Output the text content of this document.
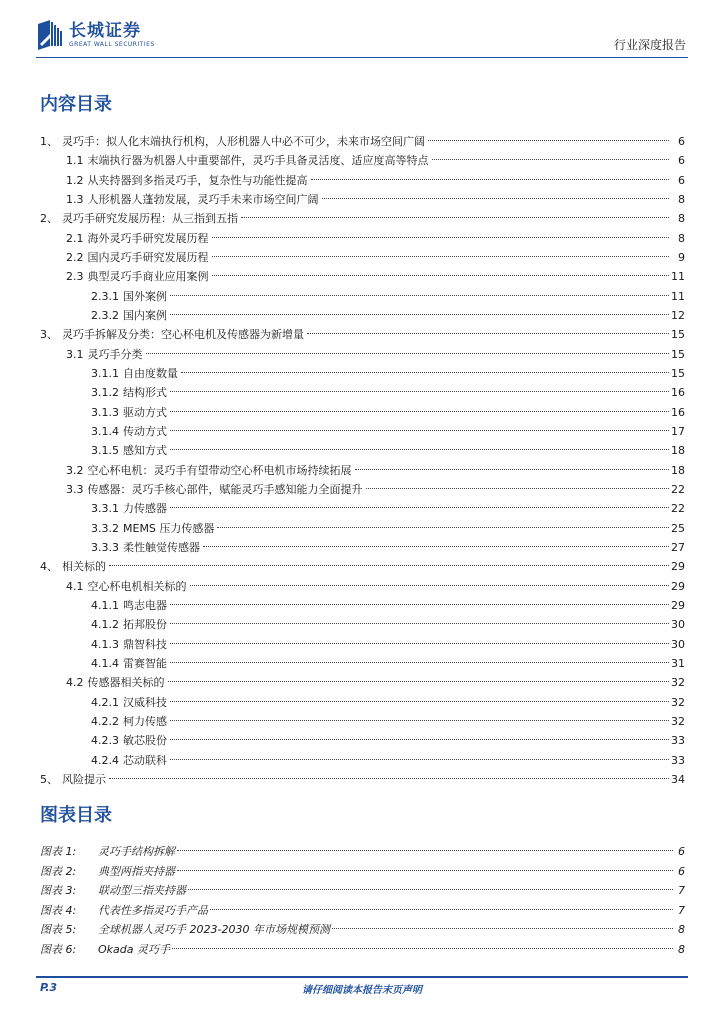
长城证券
GREAT WALL SECURITIES	行业深度报告
内容目录
1、 灵巧手：拟人化末端执行机构，人形机器人中必不可少，未来市场空间广阔	6
1.1 末端执行器为机器人中重要部件，灵巧手具备灵活度、适应度高等特点	6
1.2 从夹持器到多指灵巧手，复杂性与功能性提高	6
1.3 人形机器人蓬勃发展，灵巧手未来市场空间广阔	8
2、 灵巧手研究发展历程：从三指到五指	8
2.1 海外灵巧手研究发展历程	8
2.2 国内灵巧手研究发展历程	9
2.3 典型灵巧手商业应用案例	11
2.3.1 国外案例	11
2.3.2 国内案例	12
3、 灵巧手拆解及分类：空心杯电机及传感器为新增量	15
3.1 灵巧手分类	15
3.1.1 自由度数量	15
3.1.2 结构形式	16
3.1.3 驱动方式	16
3.1.4 传动方式	17
3.1.5 感知方式	18
3.2 空心杯电机：灵巧手有望带动空心杯电机市场持续拓展	18
3.3 传感器：灵巧手核心部件，赋能灵巧手感知能力全面提升	22
3.3.1 力传感器	22
3.3.2 MEMS 压力传感器	25
3.3.3 柔性触觉传感器	27
4、 相关标的	29
4.1 空心杯电机相关标的	29
4.1.1 鸣志电器	29
4.1.2 拓邦股份	30
4.1.3 鼎智科技	30
4.1.4 雷赛智能	31
4.2 传感器相关标的	32
4.2.1 汉威科技	32
4.2.2 柯力传感	32
4.2.3 敏芯股份	33
4.2.4 芯动联科	33
5、 风险提示	34
图表目录
图表 1:	灵巧手结构拆解	6
图表 2:	典型两指夹持器	6
图表 3:	联动型三指夹持器	7
图表 4:	代表性多指灵巧手产品	7
图表 5:	全球机器人灵巧手 2023-2030 年市场规模预测	8
图表 6:	Okada 灵巧手	8
P.3	请仔细阅读本报告末页声明
